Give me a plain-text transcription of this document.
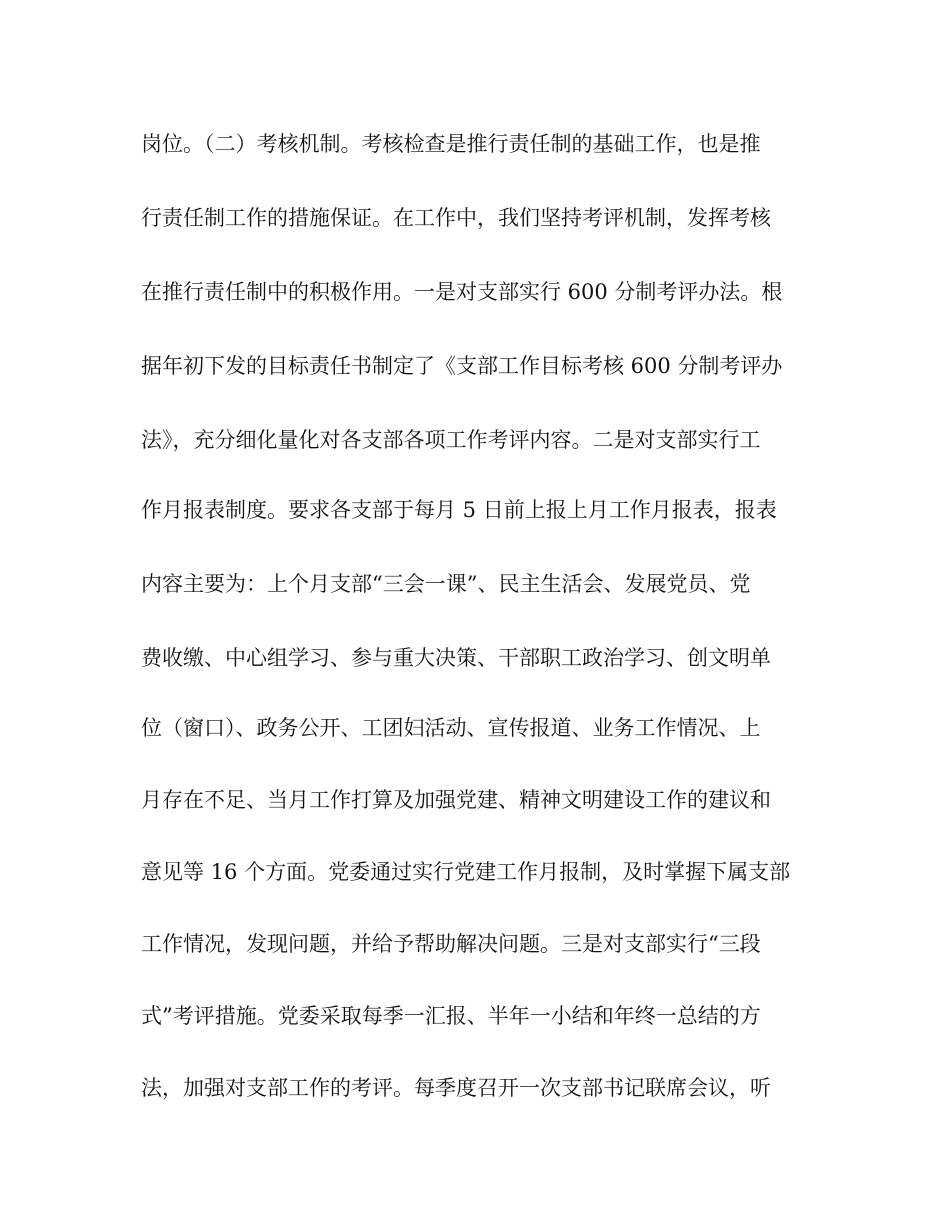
岗位。（二）考核机制。考核检查是推行责任制的基础工作，也是推
行责任制工作的措施保证。在工作中，我们坚持考评机制，发挥考核
在推行责任制中的积极作用。一是对支部实行 600 分制考评办法。根
据年初下发的目标责任书制定了《支部工作目标考核 600 分制考评办
法》，充分细化量化对各支部各项工作考评内容。二是对支部实行工
作月报表制度。要求各支部于每月 5 日前上报上月工作月报表，报表
内容主要为：上个月支部“三会一课”、民主生活会、发展党员、党
费收缴、中心组学习、参与重大决策、干部职工政治学习、创文明单
位（窗口）、政务公开、工团妇活动、宣传报道、业务工作情况、上
月存在不足、当月工作打算及加强党建、精神文明建设工作的建议和
意见等 16 个方面。党委通过实行党建工作月报制，及时掌握下属支部
工作情况，发现问题，并给予帮助解决问题。三是对支部实行“三段
式”考评措施。党委采取每季一汇报、半年一小结和年终一总结的方
法，加强对支部工作的考评。每季度召开一次支部书记联席会议，听
